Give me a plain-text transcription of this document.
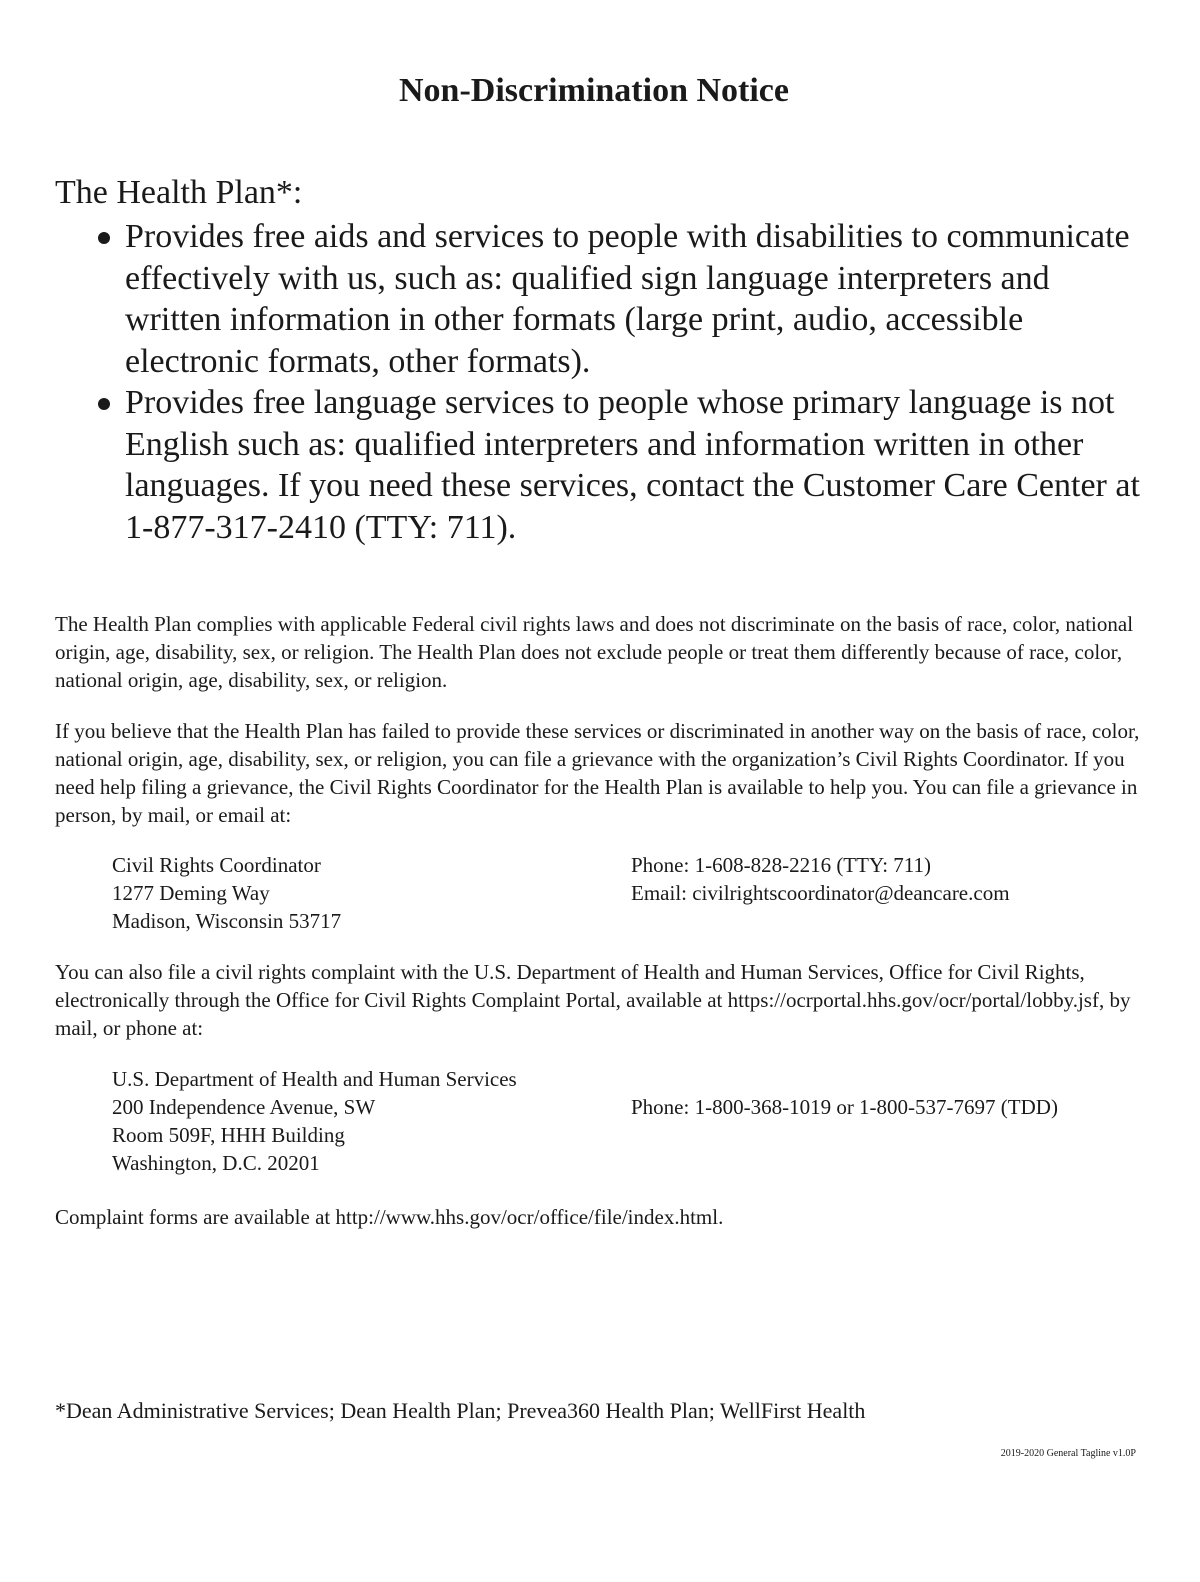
Non-Discrimination Notice

The Health Plan*:

Provides free aids and services to people with disabilities to communicate effectively with us, such as: qualified sign language interpreters and written information in other formats (large print, audio, accessible electronic formats, other formats).
Provides free language services to people whose primary language is not English such as: qualified interpreters and information written in other languages. If you need these services, contact the Customer Care Center at 1-877-317-2410 (TTY: 711).

The Health Plan complies with applicable Federal civil rights laws and does not discriminate on the basis of race, color, national origin, age, disability, sex, or religion. The Health Plan does not exclude people or treat them differently because of race, color, national origin, age, disability, sex, or religion.

If you believe that the Health Plan has failed to provide these services or discriminated in another way on the basis of race, color, national origin, age, disability, sex, or religion, you can file a grievance with the organization’s Civil Rights Coordinator. If you need help filing a grievance, the Civil Rights Coordinator for the Health Plan is available to help you. You can file a grievance in person, by mail, or email at:

Civil Rights Coordinator
1277 Deming Way
Madison, Wisconsin 53717
Phone: 1-608-828-2216 (TTY: 711)
Email: civilrightscoordinator@deancare.com

You can also file a civil rights complaint with the U.S. Department of Health and Human Services, Office for Civil Rights, electronically through the Office for Civil Rights Complaint Portal, available at https://ocrportal.hhs.gov/ocr/portal/lobby.jsf, by mail, or phone at:

U.S. Department of Health and Human Services
200 Independence Avenue, SW
Room 509F, HHH Building
Washington, D.C. 20201
Phone: 1-800-368-1019 or 1-800-537-7697 (TDD)

Complaint forms are available at http://www.hhs.gov/ocr/office/file/index.html.

*Dean Administrative Services; Dean Health Plan; Prevea360 Health Plan; WellFirst Health

2019-2020 General Tagline v1.0P
